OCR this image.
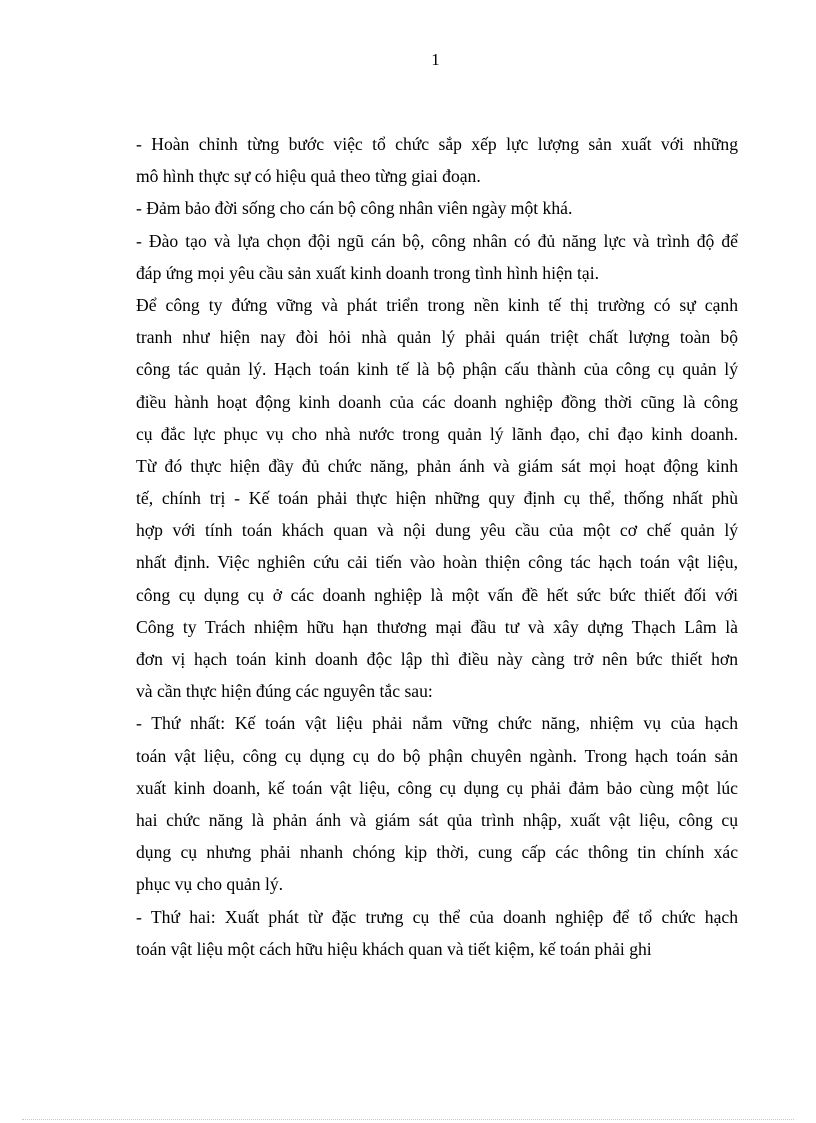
1
- Hoàn chỉnh từng bước việc tổ chức sắp xếp lực lượng sản xuất với những
mô hình thực sự có hiệu quả theo từng giai đoạn.
- Đảm bảo đời sống cho cán bộ công nhân viên ngày một khá.
- Đào tạo và lựa chọn đội ngũ cán bộ, công nhân có đủ năng lực và trình độ để
đáp ứng mọi yêu cầu sản xuất kinh doanh trong tình hình hiện tại.
Để công ty đứng vững và phát triển trong nền kinh tế thị trường có sự cạnh
tranh như hiện nay đòi hỏi nhà quản lý phải quán triệt chất lượng toàn bộ
công tác quản lý. Hạch toán kinh tế là bộ phận cấu thành của công cụ quản lý
điều hành hoạt động kinh doanh của các doanh nghiệp đồng thời cũng là công
cụ đắc lực phục vụ cho nhà nước trong quản lý lãnh đạo, chỉ đạo kinh doanh.
Từ đó thực hiện đầy đủ chức năng, phản ánh và giám sát mọi hoạt động kinh
tế, chính trị - Kế toán phải thực hiện những quy định cụ thể, thống nhất phù
hợp với tính toán khách quan và nội dung yêu cầu của một cơ chế quản lý
nhất định. Việc nghiên cứu cải tiến vào hoàn thiện công tác hạch toán vật liệu,
công cụ dụng cụ ở các doanh nghiệp là một vấn đề hết sức bức thiết đối với
Công ty Trách nhiệm hữu hạn thương mại đầu tư và xây dựng Thạch Lâm là
đơn vị hạch toán kinh doanh độc lập thì điều này càng trở nên bức thiết hơn
và cần thực hiện đúng các nguyên tắc sau:
- Thứ nhất: Kế toán vật liệu phải nắm vững chức năng, nhiệm vụ của hạch
toán vật liệu, công cụ dụng cụ do bộ phận chuyên ngành. Trong hạch toán sản
xuất kinh doanh, kế toán vật liệu, công cụ dụng cụ phải đảm bảo cùng một lúc
hai chức năng là phản ánh và giám sát qủa trình nhập, xuất vật liệu, công cụ
dụng cụ nhưng phải nhanh chóng kịp thời, cung cấp các thông tin chính xác
phục vụ cho quản lý.
- Thứ hai: Xuất phát từ đặc trưng cụ thể của doanh nghiệp để tổ chức hạch
toán vật liệu một cách hữu hiệu khách quan và tiết kiệm, kế toán phải ghi
